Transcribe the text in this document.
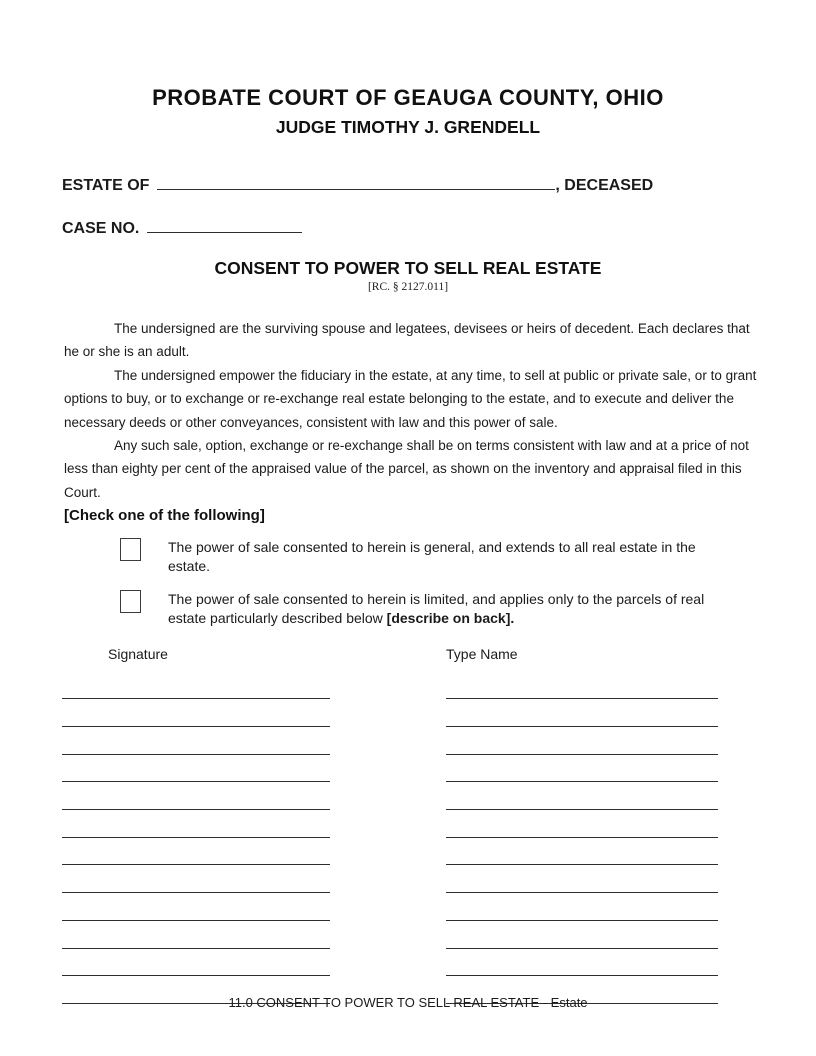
PROBATE COURT OF GEAUGA COUNTY, OHIO
JUDGE TIMOTHY J. GRENDELL
ESTATE OF	, DECEASED
CASE NO.
CONSENT TO POWER TO SELL REAL ESTATE
[RC. § 2127.011]

The undersigned are the surviving spouse and legatees, devisees or heirs of decedent. Each declares that he or she is an adult.

The undersigned empower the fiduciary in the estate, at any time, to sell at public or private sale, or to grant options to buy, or to exchange or re-exchange real estate belonging to the estate, and to execute and deliver the necessary deeds or other conveyances, consistent with law and this power of sale.

Any such sale, option, exchange or re-exchange shall be on terms consistent with law and at a price of not less than eighty per cent of the appraised value of the parcel, as shown on the inventory and appraisal filed in this Court.

[Check one of the following]
The power of sale consented to herein is general, and extends to all real estate in the estate.
The power of sale consented to herein is limited, and applies only to the parcels of real estate particularly described below [describe on back].
Signature	Type Name
11.0 CONSENT TO POWER TO SELL REAL ESTATE - Estate
